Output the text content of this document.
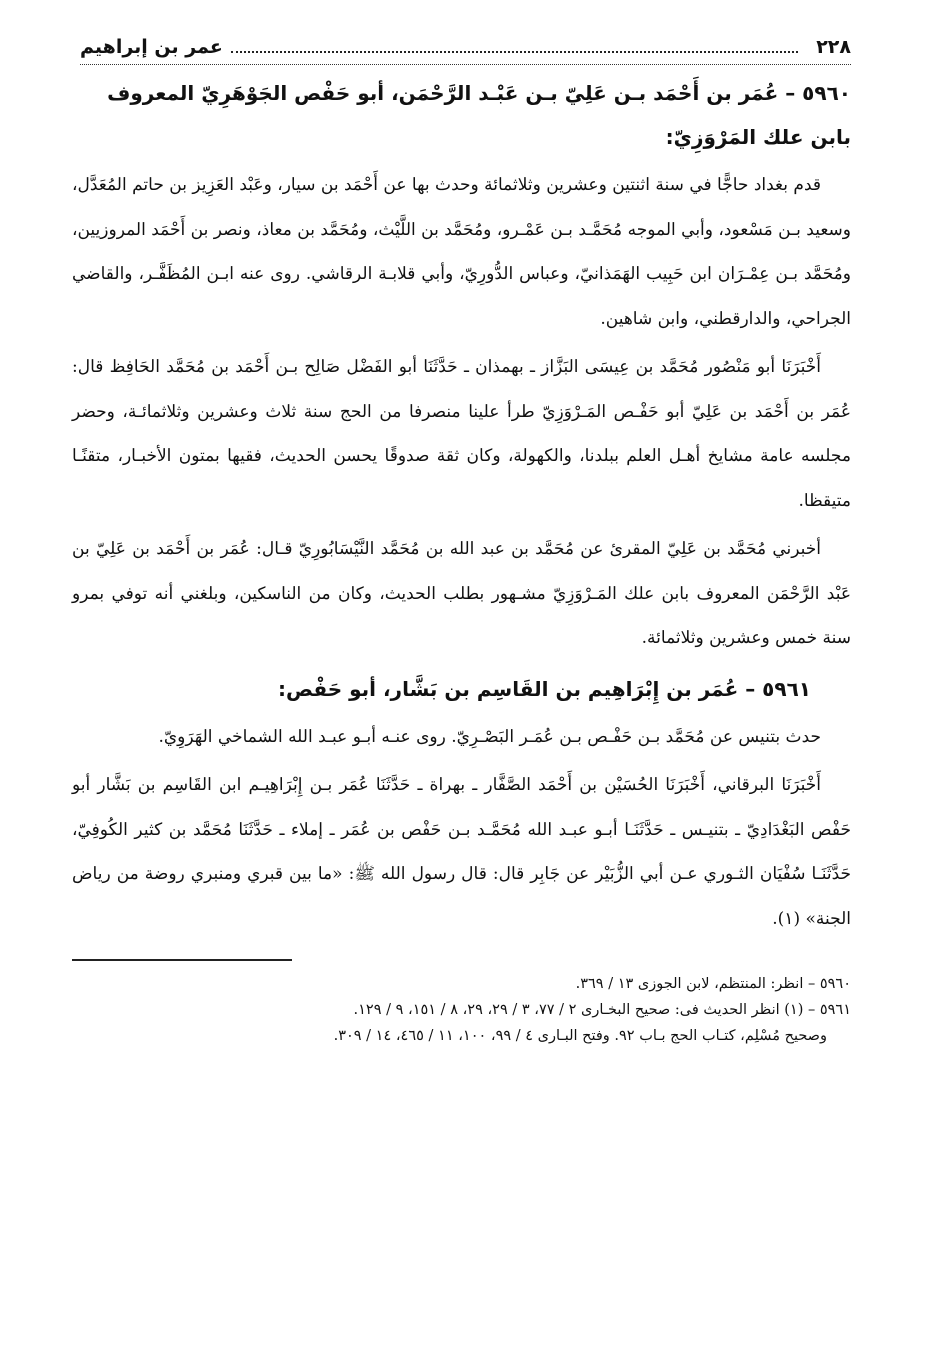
٢٢٨
عمر بن إبراهيم
٥٩٦٠ – عُمَر بن أَحْمَد بـن عَلِيّ بـن عَبْـد الرَّحْمَن، أبو حَفْص الجَوْهَرِيّ المعروف بابن علك المَرْوَزِيّ:

قدم بغداد حاجًّا في سنة اثنتين وعشرين وثلاثمائة وحدث بها عن أَحْمَد بن سيار، وعَبْد العَزِيز بن حاتم المُعَدَّل، وسعيد بـن مَسْعود، وأبي الموجه مُحَمَّـد بـن عَمْـرو، ومُحَمَّد بن اللَّيْث، ومُحَمَّد بن معاذ، ونصر بن أَحْمَد المروزيين، ومُحَمَّد بـن عِمْـرَان ابن حَبِيب الهَمَذانيّ، وعباس الدُّورِيّ، وأبي قلابـة الرقاشي. روى عنه ابـن المُظَفَّـر، والقاضي الجراحي، والدارقطني، وابن شاهين.

أَخْبَرَنَا أبو مَنْصُور مُحَمَّد بن عِيسَى البَزَّاز ـ بهمذان ـ حَدَّثَنَا أبو الفَضْل صَالِح بـن أَحْمَد بن مُحَمَّد الحَافِظ قال: عُمَر بن أَحْمَد بن عَلِيّ أبو حَفْـص المَـرْوَزِيّ طرأ علينا منصرفا من الحج سنة ثلاث وعشرين وثلاثمائـة، وحضر مجلسه عامة مشايخ أهـل العلم ببلدنا، والكهولة، وكان ثقة صدوقًا يحسن الحديث، فقيها بمتون الأخبـار، متقنًـا متيقظا.

أخبرني مُحَمَّد بن عَلِيّ المقرئ عن مُحَمَّد بن عبد الله بن مُحَمَّد النَّيْسَابُورِيّ قـال: عُمَر بن أَحْمَد بن عَلِيّ بن عَبْد الرَّحْمَن المعروف بابن علك المَـرْوَزِيّ مشـهور بطلب الحديث، وكان من الناسكين، وبلغني أنه توفي بمرو سنة خمس وعشرين وثلاثمائة.

٥٩٦١ – عُمَر بن إِبْرَاهِيم بن القَاسِم بن بَشَّار، أبو حَفْص:

حدث بتنيس عن مُحَمَّد بـن حَفْـص بـن عُمَـر البَصْـرِيّ. روى عنـه أبـو عبـد الله الشماخي الهَرَوِيّ.

أَخْبَرَنَا البرقاني، أَخْبَرَنَا الحُسَيْن بن أَحْمَد الصَّفَّار ـ بهراة ـ حَدَّثَنَا عُمَر بـن إِبْرَاهِيـم ابن القَاسِم بن بَشَّار أبو حَفْص البَغْدَادِيّ ـ بتنيـس ـ حَدَّثَنَـا أبـو عبـد الله مُحَمَّـد بـن حَفْص بن عُمَر ـ إملاء ـ حَدَّثَنَا مُحَمَّد بن كثير الكُوفِيّ، حَدَّثَنَـا سُفْيَان الثـوري عـن أبي الزُّبَيْر عن جَابِر قال: قال رسول الله ﷺ: «ما بين قبري ومنبري روضة من رياض الجنة» (١).

٥٩٦٠ – انظر: المنتظم، لابن الجوزى ١٣ / ٣٦٩.

٥٩٦١ – (١) انظر الحديث فى: صحيح البخـارى ٢ / ٧٧، ٣ / ٢٩، ٢٩، ٨ / ١٥١، ٩ / ١٢٩.
وصحيح مُسْلِم، كتـاب الحج بـاب ٩٢. وفتح البـارى ٤ / ٩٩، ١٠٠، ١١ / ٤٦٥، ١٤ / ٣٠٩.
